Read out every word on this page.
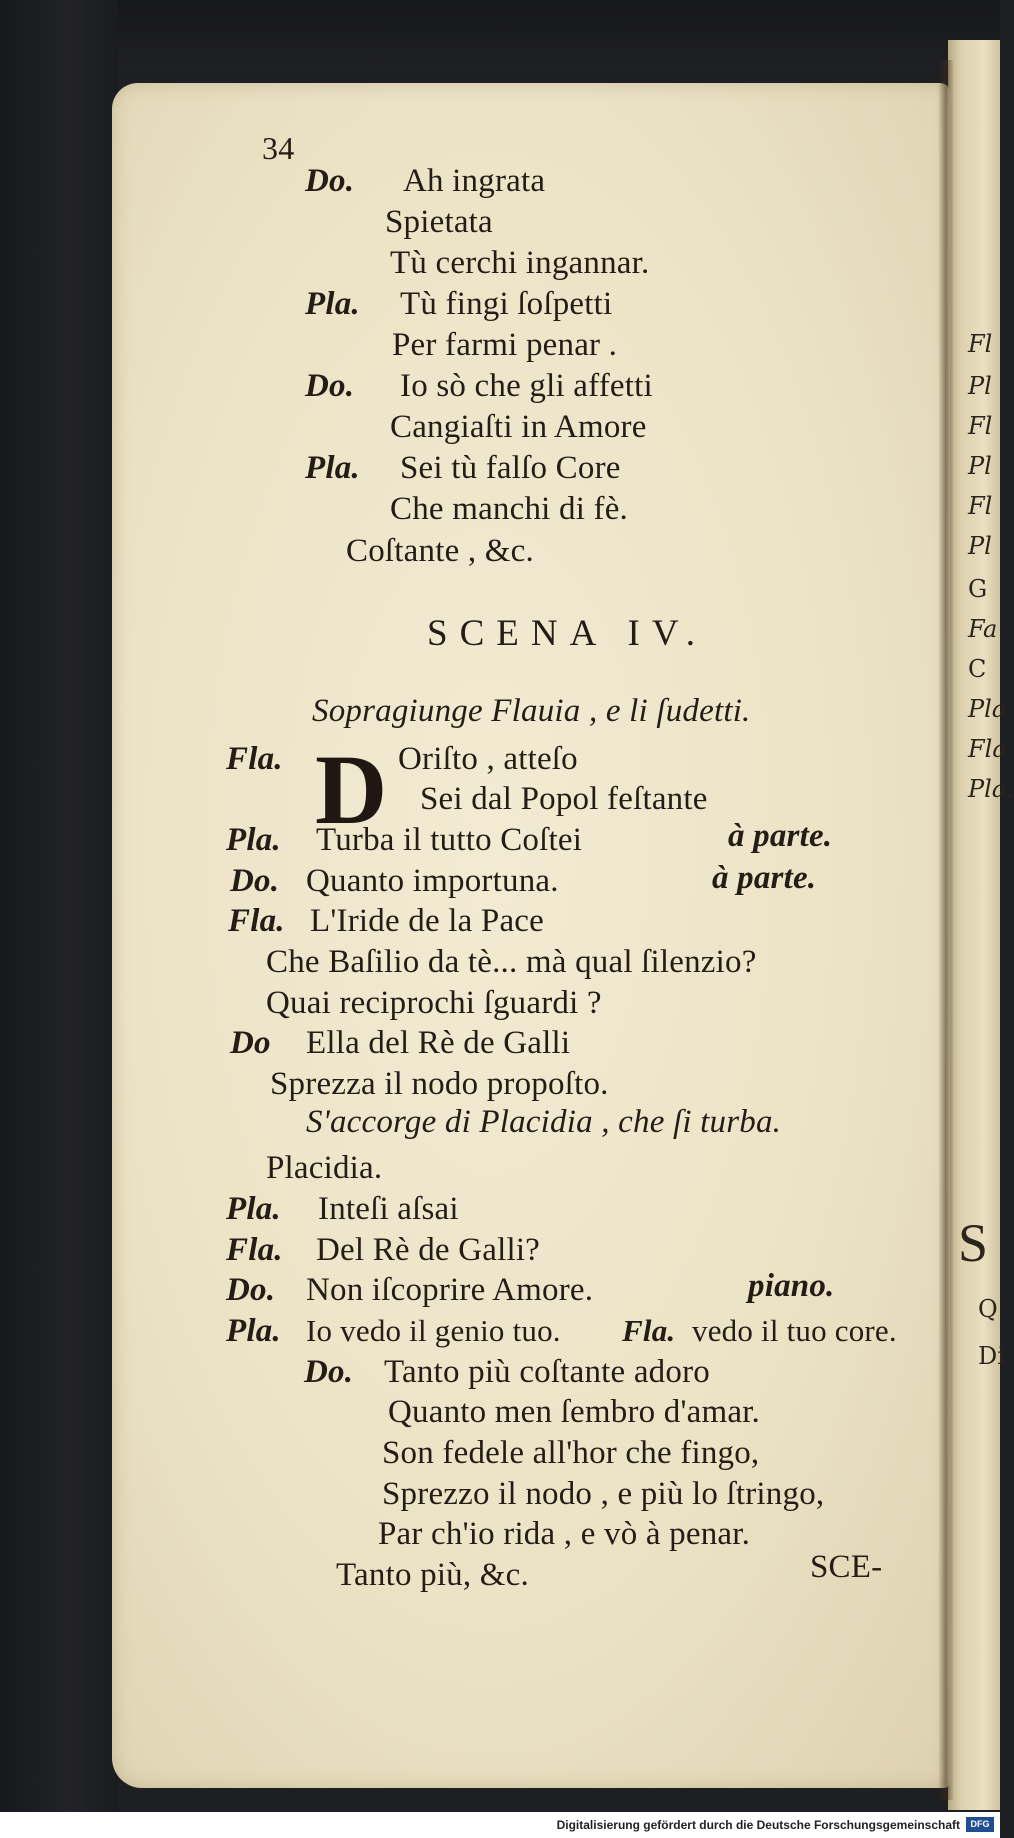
Fl
Pl
Fl
Pl
Fl
Pl
G
Fa
C
Pla
Fla
Pla.
S
Q
Di
34
Do. Ah ingrata
Spietata
Tù cerchi ingannar.
Pla. Tù fingi ſoſpetti
Per farmi penar .
Do. Io sò che gli affetti
Cangiaſti in Amore
Pla. Sei tù falſo Core
Che manchi di fè.
Coſtante , &c.
SCENA IV.
Sopragiunge Flauia , e li ſudetti.
Fla. D Oriſto , atteſo
Sei dal Popol feſtante
Pla. Turba il tutto Coſtei	à parte.
Do. Quanto importuna.	à parte.
Fla. L'Iride de la Pace
Che Baſilio da tè... mà qual ſilenzio?
Quai reciprochi ſguardi ?
Do Ella del Rè de Galli
Sprezza il nodo propoſto.
S'accorge di Placidia , che ſi turba.
Placidia.
Pla. Inteſi aſsai
Fla. Del Rè de Galli?
Do. Non iſcoprire Amore.	piano.
Pla. Io vedo il genio tuo. Fla. vedo il tuo core.
Do. Tanto più coſtante adoro
Quanto men ſembro d'amar.
Son fedele all'hor che fingo,
Sprezzo il nodo , e più lo ſtringo,
Par ch'io rida , e vò à penar.
Tanto più, &c.	SCE-
Digitalisierung gefördert durch die Deutsche Forschungsgemeinschaft	DFG
